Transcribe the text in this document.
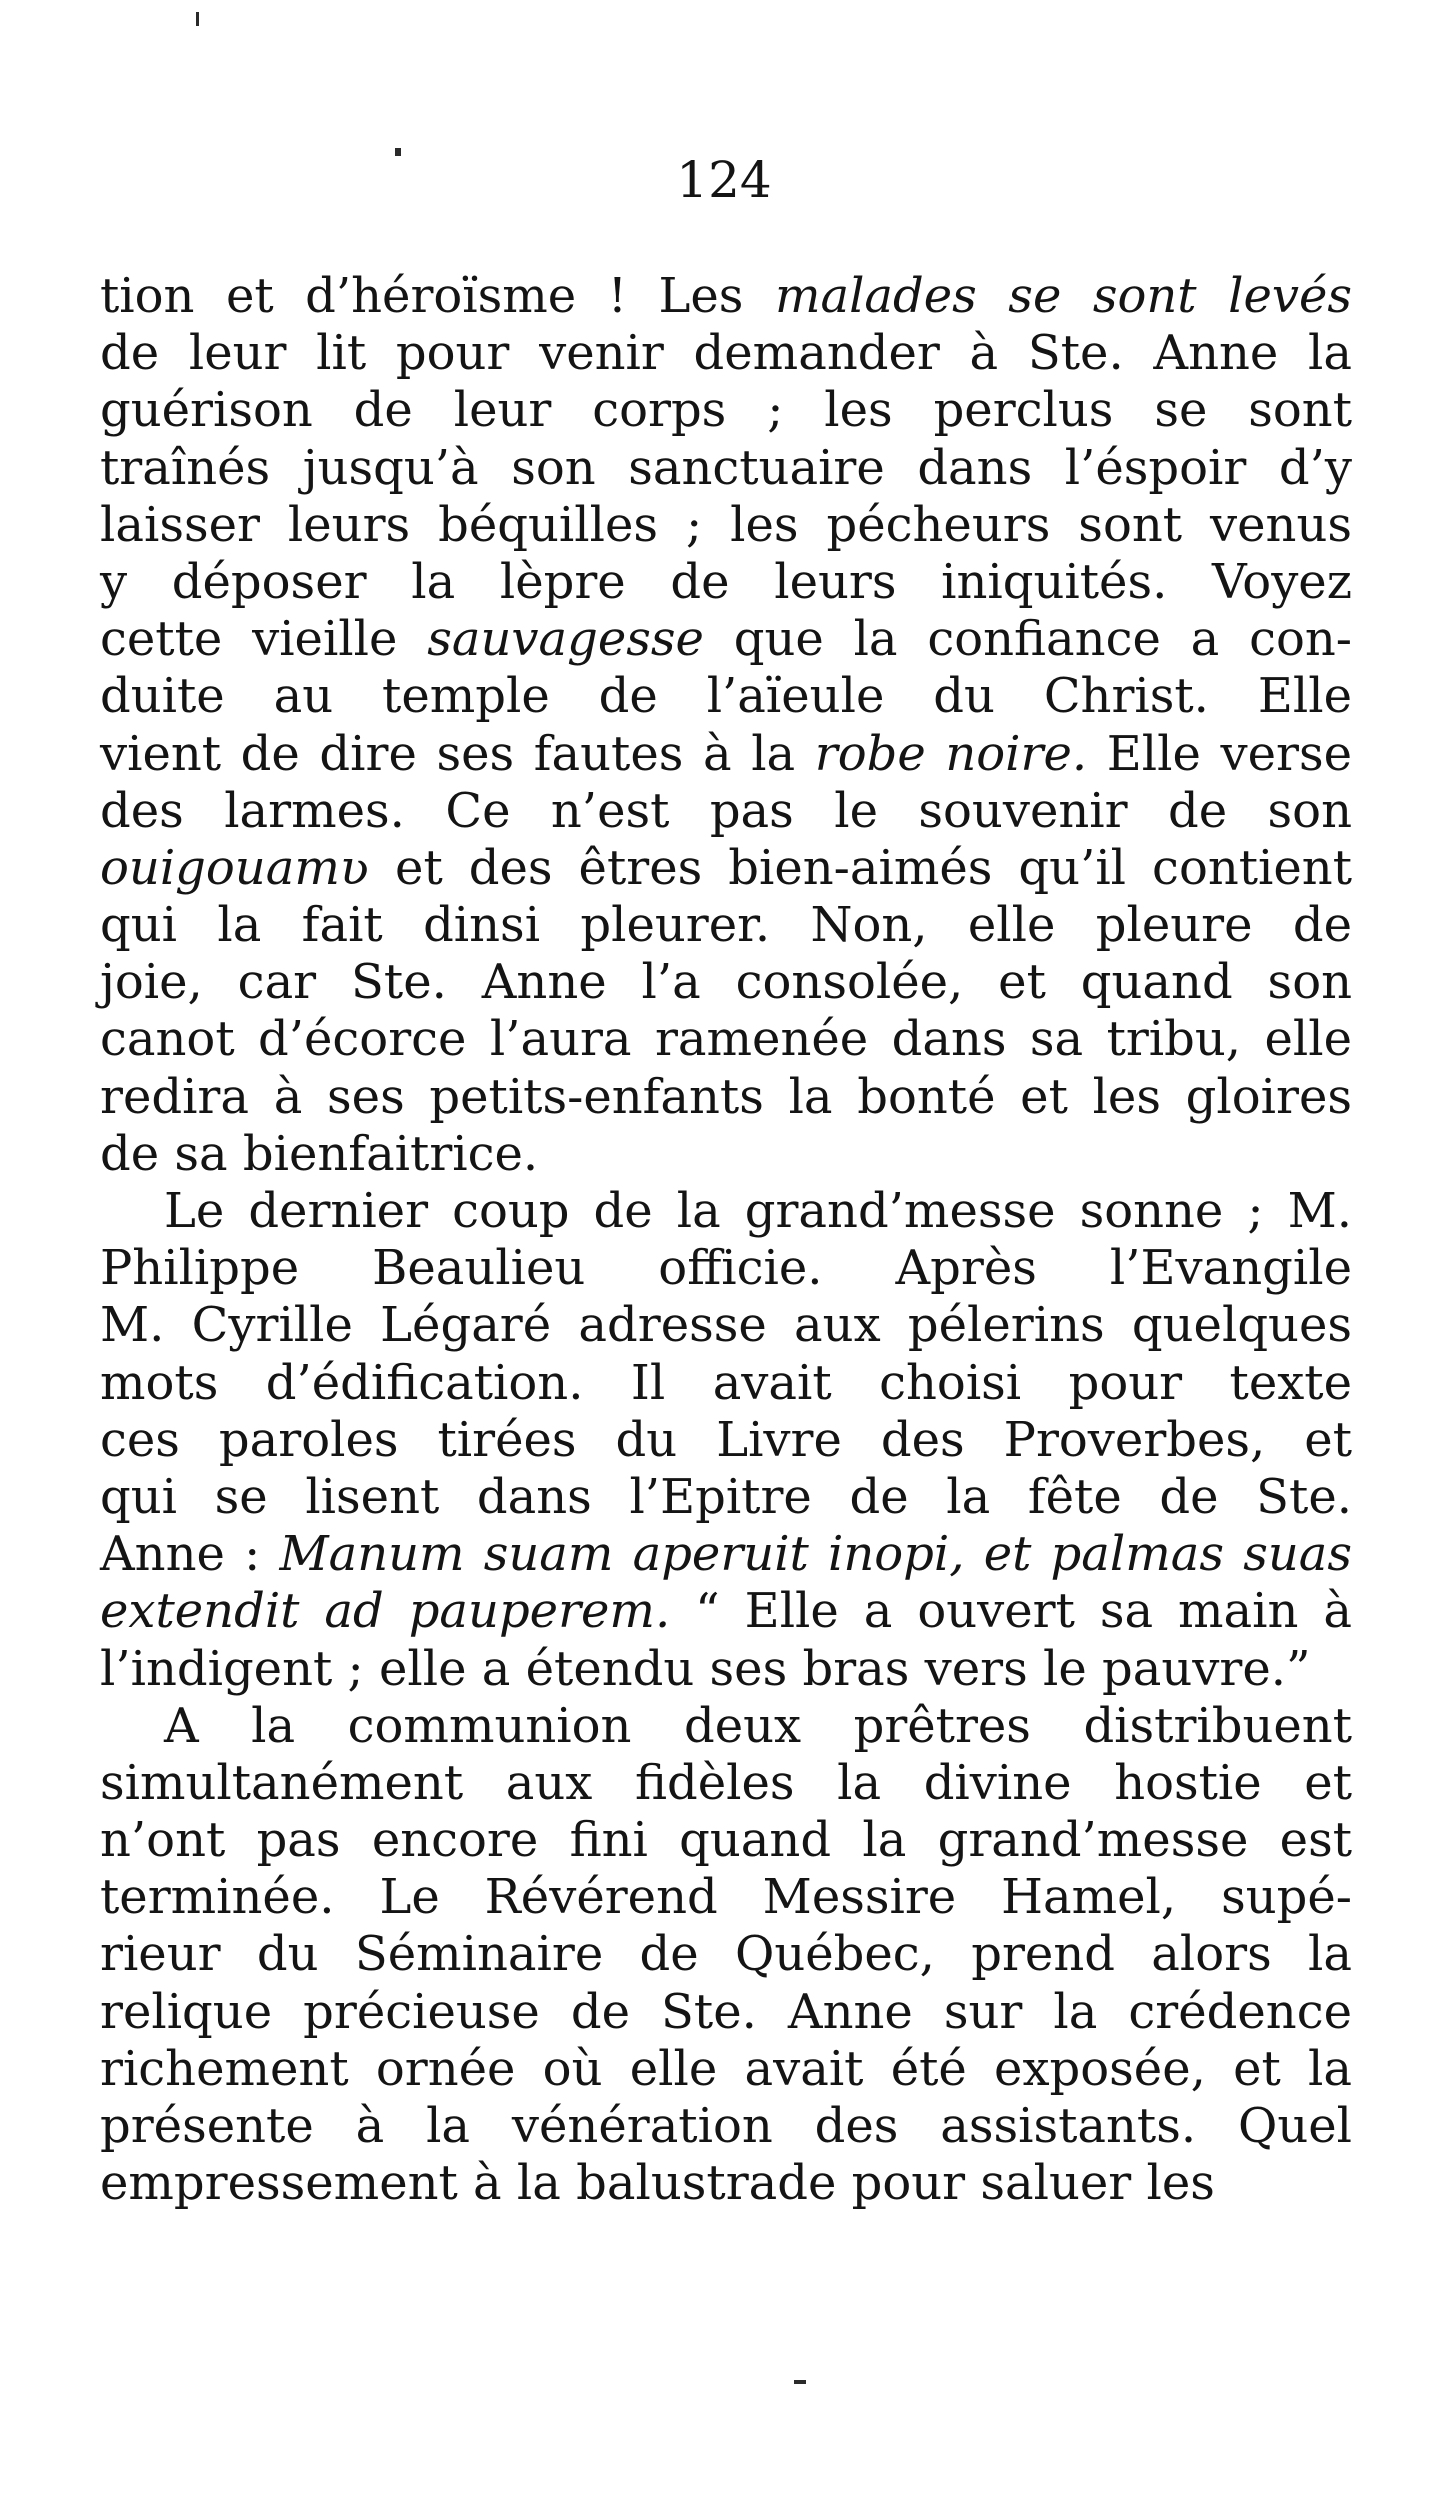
124
tion et d’héroïsme ! Les malades se sont levés
de leur lit pour venir demander à Ste. Anne la
guérison de leur corps ; les perclus se sont
traînés jusqu’à son sanctuaire dans l’éspoir d’y
laisser leurs béquilles ; les pécheurs sont venus
y déposer la lèpre de leurs iniquités. Voyez
cette vieille sauvagesse que la confiance a con-
duite au temple de l’aïeule du Christ. Elle
vient de dire ses fautes à la robe noire. Elle verse
des larmes. Ce n’est pas le souvenir de son
ouigouamʋ et des êtres bien-aimés qu’il contient
qui la fait dinsi pleurer. Non, elle pleure de
joie, car Ste. Anne l’a consolée, et quand son
canot d’écorce l’aura ramenée dans sa tribu, elle
redira à ses petits-enfants la bonté et les gloires
de sa bienfaitrice.
Le dernier coup de la grand’messe sonne ; M.
Philippe Beaulieu officie. Après l’Evangile
M. Cyrille Légaré adresse aux pélerins quelques
mots d’édification. Il avait choisi pour texte
ces paroles tirées du Livre des Proverbes, et
qui se lisent dans l’Epitre de la fête de Ste.
Anne : Manum suam aperuit inopi, et palmas suas
extendit ad pauperem. “ Elle a ouvert sa main à
l’indigent ; elle a étendu ses bras vers le pauvre.”
A la communion deux prêtres distribuent
simultanément aux fidèles la divine hostie et
n’ont pas encore fini quand la grand’messe est
terminée. Le Révérend Messire Hamel, supé-
rieur du Séminaire de Québec, prend alors la
relique précieuse de Ste. Anne sur la crédence
richement ornée où elle avait été exposée, et la
présente à la vénération des assistants. Quel
empressement à la balustrade pour saluer les
